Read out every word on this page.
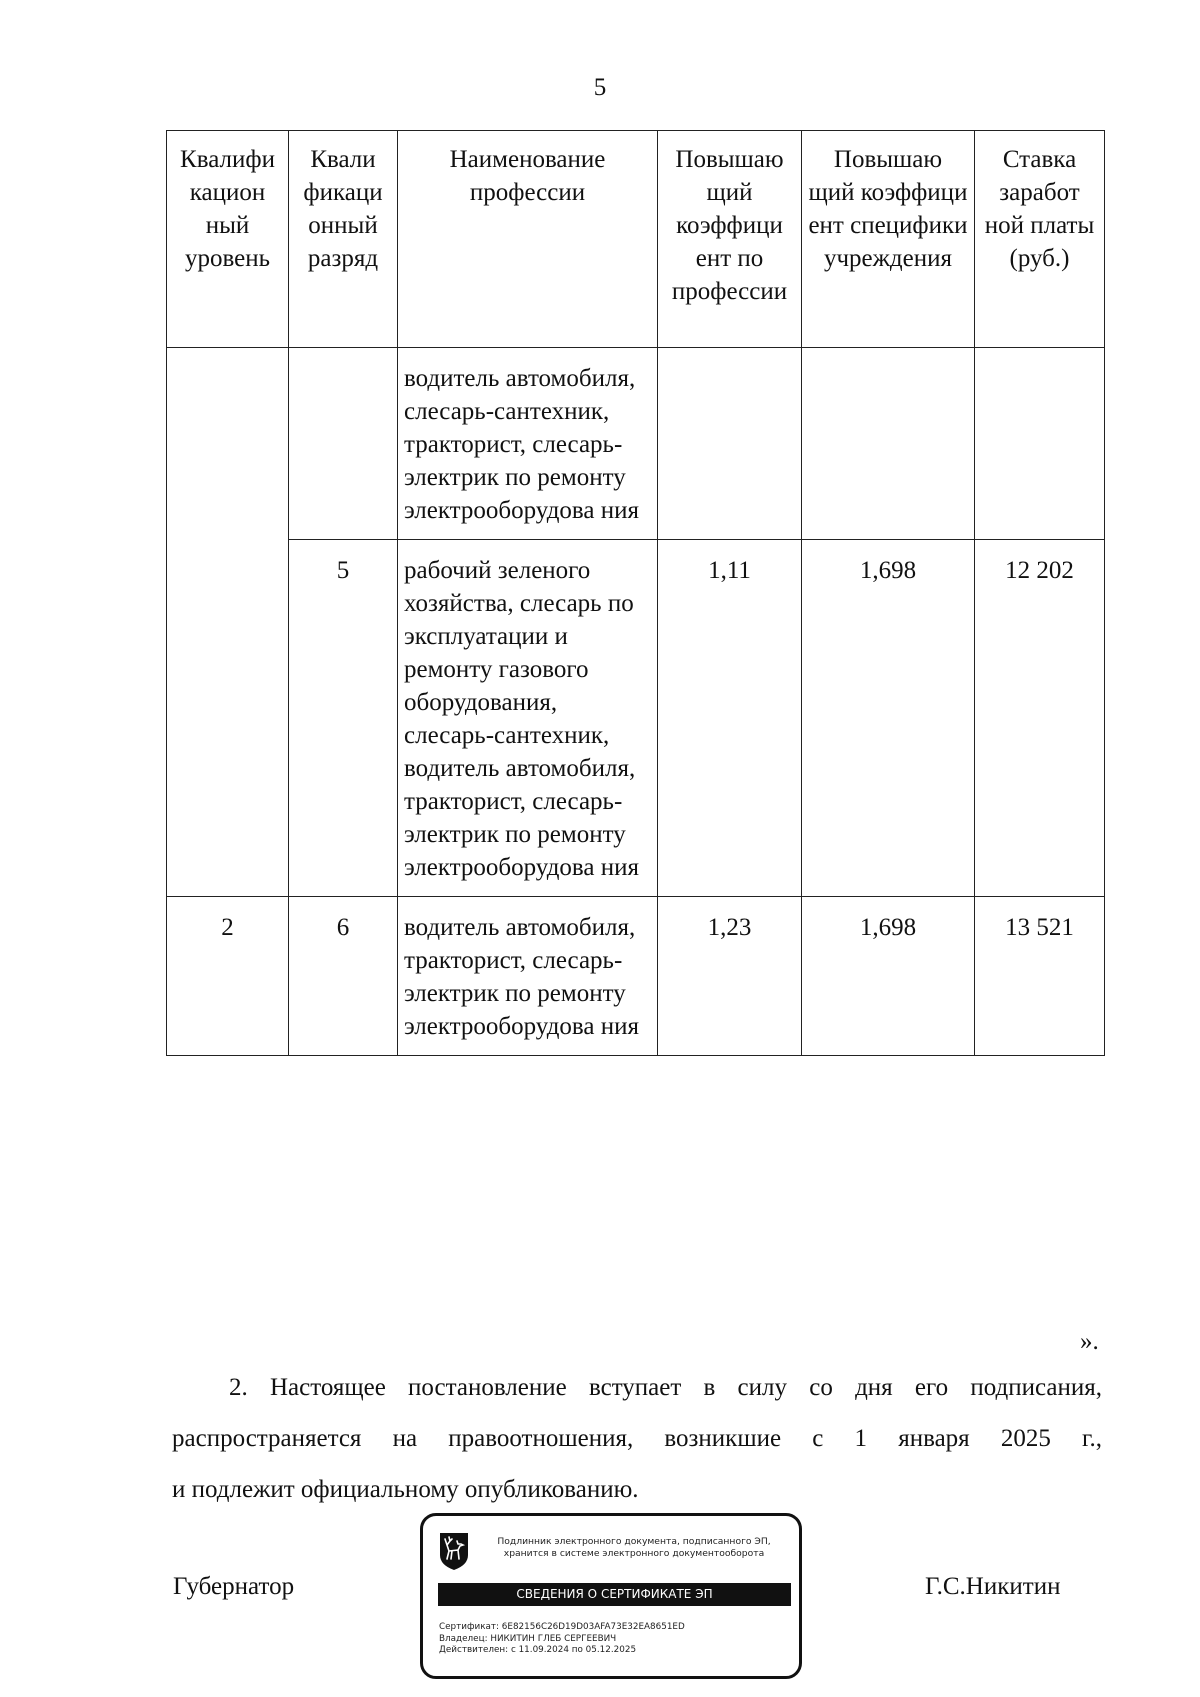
5
Квалифи кацион ный уровень	Квали фикаци онный разряд	Наименование профессии	Повышаю щий коэффици ент по профессии	Повышаю щий коэффици ент специфики учреждения	Ставка заработ ной платы (руб.)
		водитель автомобиля, слесарь-сантехник, тракторист, слесарь-электрик по ремонту электрооборудова ния			
	5	рабочий зеленого хозяйства, слесарь по эксплуатации и ремонту газового оборудования, слесарь-сантехник, водитель автомобиля, тракторист, слесарь-электрик по ремонту электрооборудова ния	1,11	1,698	12 202
2	6	водитель автомобиля, тракторист, слесарь-электрик по ремонту электрооборудова ния	1,23	1,698	13 521
».
2. Настоящее постановление вступает в силу со дня его подписания,
распространяется на правоотношения, возникшие с 1 января 2025 г.,
и подлежит официальному опубликованию.
Губернатор	Г.С.Никитин
Подлинник электронного документа, подписанного ЭП,
хранится в системе электронного документооборота
СВЕДЕНИЯ О СЕРТИФИКАТЕ ЭП
Сертификат: 6E82156C26D19D03AFA73E32EA8651ED
Владелец: НИКИТИН ГЛЕБ СЕРГЕЕВИЧ
Действителен: с 11.09.2024 по 05.12.2025
